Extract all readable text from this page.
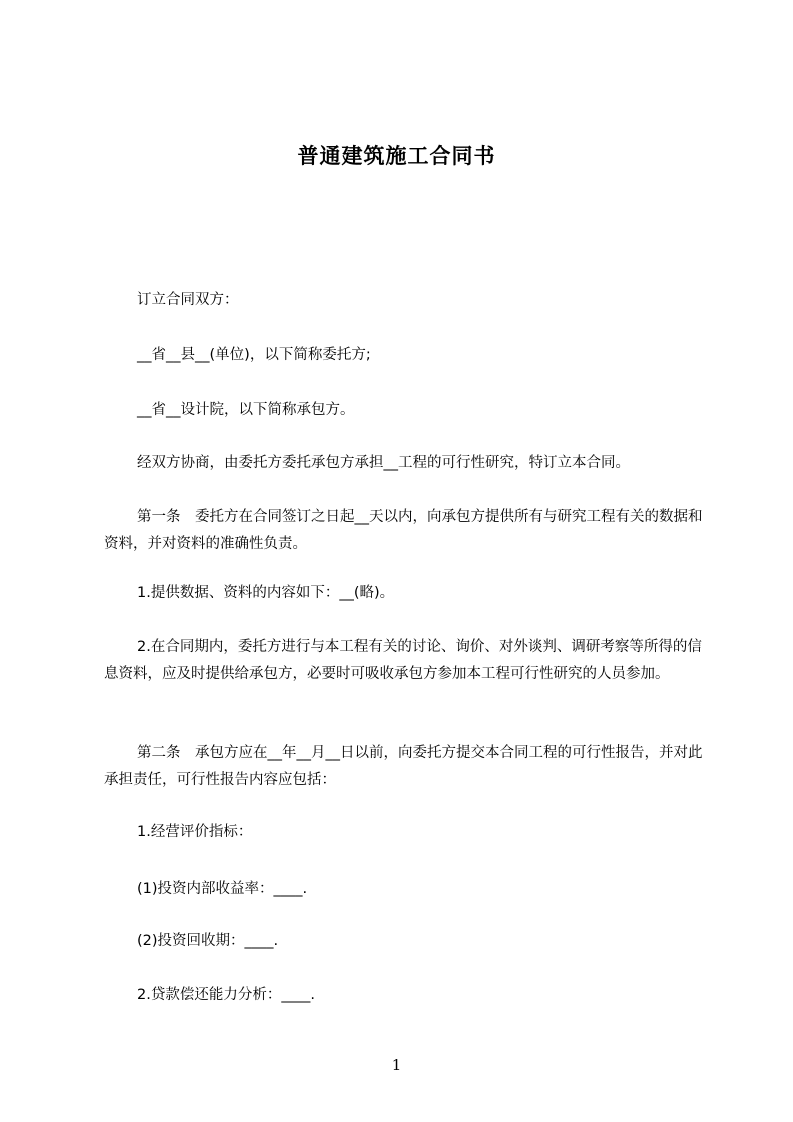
普通建筑施工合同书
订立合同双方：
__省__县__(单位)，以下简称委托方;
__省__设计院，以下简称承包方。
经双方协商，由委托方委托承包方承担__工程的可行性研究，特订立本合同。
第一条　委托方在合同签订之日起__天以内，向承包方提供所有与研究工程有关的数据和资料，并对资料的准确性负责。
1.提供数据、资料的内容如下：__(略)。
2.在合同期内，委托方进行与本工程有关的讨论、询价、对外谈判、调研考察等所得的信息资料，应及时提供给承包方，必要时可吸收承包方参加本工程可行性研究的人员参加。
第二条　承包方应在__年__月__日以前，向委托方提交本合同工程的可行性报告，并对此承担责任，可行性报告内容应包括：
1.经营评价指标：
(1)投资内部收益率：____.
(2)投资回收期：____.
2.贷款偿还能力分析：____.
1
